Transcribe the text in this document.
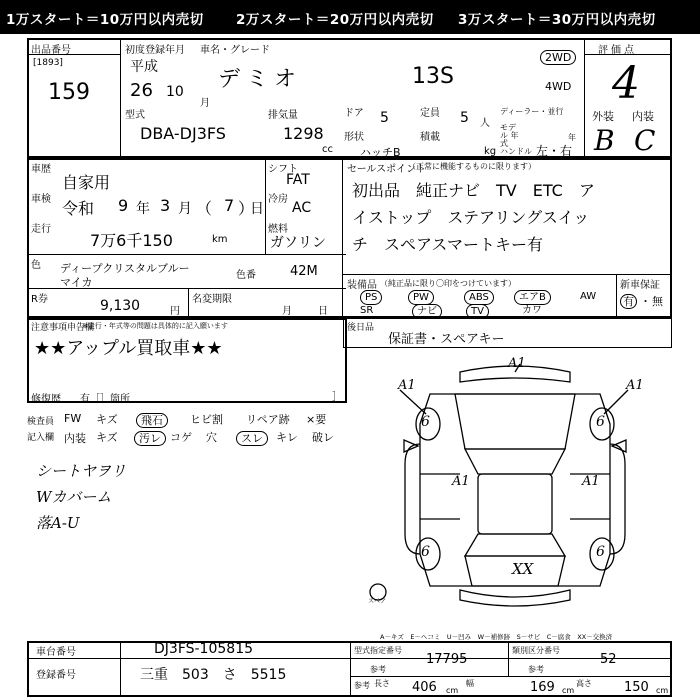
1万スタート＝10万円以内売切 2万スタート＝20万円以内売切 3万スタート＝30万円以内売切
出品番号
[1893]
159
初度登録年月 車名・グレード
平成
26 10
月
デミオ	13S
2WD
4WD
型式
DBA-DJ3FS
排気量
1298
cc
ドア 5
形状
ハッチB
定員 5 人
積載
kg
ディーラー・並行
モデル 年式
年
ハンドル 左・右
評価点
4
外装 内装
B C
車歴
自家用
車検 令和 9 年 3 月 （ 7 ）
日
走行
7万6千150	km
シフト
FAT
冷房
AC
燃料
ガソリン
セールスポイント
（正常に機能するものに限ります）
初出品　純正ナビ　TV　ETC　ア
イストップ　ステアリングスイッ
チ　スペアスマートキー有
色 ディープクリスタルブルー
マイカ
色番	42M
R券	9,130	円
名変期限
月	日
装備品 （純正品に限り〇印をつけています）
PS	PW	ABS	エアB	AW
SR	ナビ	TV	カワ
新車保証
有 ・ 無
注意事項申告欄
※走行・年式等の問題は具体的に記入願います
★★アップル買取車★★
修復歴 有［ ］箇所	］
後日品
保証書・スペアキー
検査員
記入欄
FW
内装
キズ	飛石	ヒビ割 リペア跡 ×要
キズ	汚レ コゲ 穴	スレ	キレ 破レ
シートヤヲリ
Wカバーム
落A-U
A1
A1	A1
A1	A1
6	6
6	6
XX
スペア
A－キズ　E－ヘコミ　U－凹み　W－補修跡　S－サビ　C－腐食　XX－交換済
車台番号	DJ3FS-105815
登録番号	三重　503　さ　5515
型式指定番号
参考
17795
類別区分番号
参考
52
参考 長さ 406 cm
幅	169 cm
高さ 150 cm
